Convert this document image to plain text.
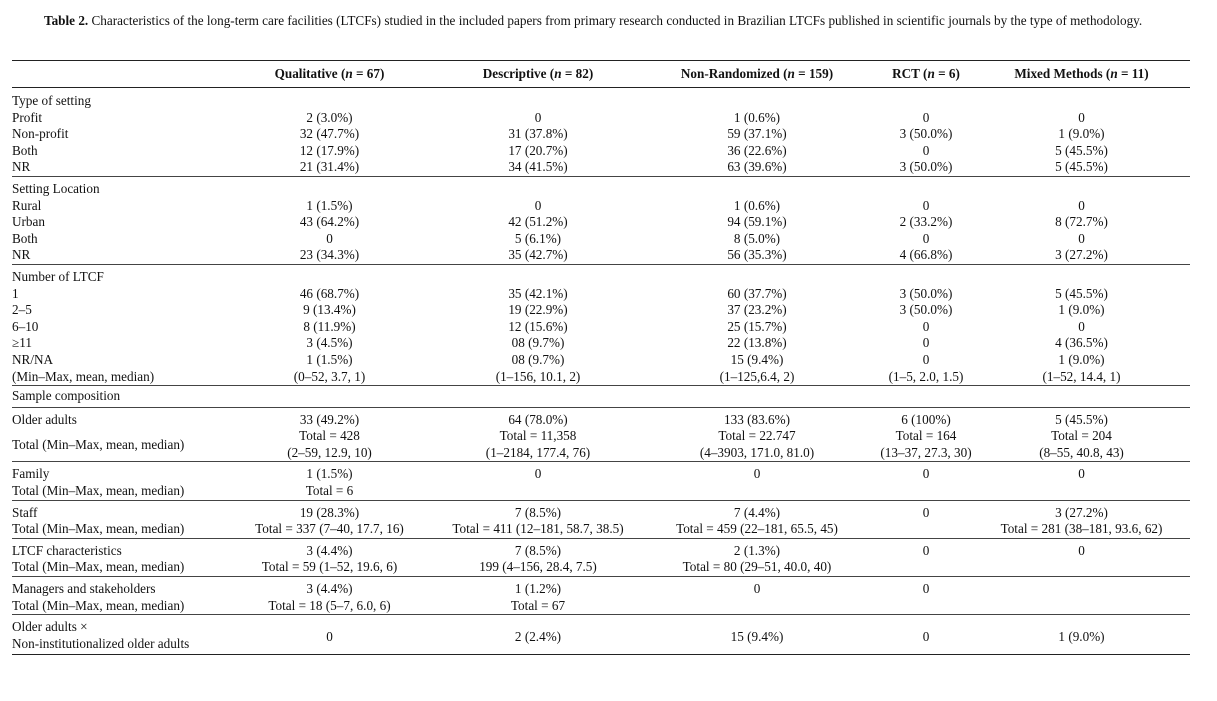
Table 2. Characteristics of the long-term care facilities (LTCFs) studied in the included papers from primary research conducted in Brazilian LTCFs published in scientific journals by the type of methodology.
	Qualitative (n = 67)	Descriptive (n = 82)	Non-Randomized (n = 159)	RCT (n = 6)	Mixed Methods (n = 11)
Type of setting					
Profit	2 (3.0%)	0	1 (0.6%)	0	0
Non-profit	32 (47.7%)	31 (37.8%)	59 (37.1%)	3 (50.0%)	1 (9.0%)
Both	12 (17.9%)	17 (20.7%)	36 (22.6%)	0	5 (45.5%)
NR	21 (31.4%)	34 (41.5%)	63 (39.6%)	3 (50.0%)	5 (45.5%)
Setting Location					
Rural	1 (1.5%)	0	1 (0.6%)	0	0
Urban	43 (64.2%)	42 (51.2%)	94 (59.1%)	2 (33.2%)	8 (72.7%)
Both	0	5 (6.1%)	8 (5.0%)	0	0
NR	23 (34.3%)	35 (42.7%)	56 (35.3%)	4 (66.8%)	3 (27.2%)
Number of LTCF					
1	46 (68.7%)	35 (42.1%)	60 (37.7%)	3 (50.0%)	5 (45.5%)
2–5	9 (13.4%)	19 (22.9%)	37 (23.2%)	3 (50.0%)	1 (9.0%)
6–10	8 (11.9%)	12 (15.6%)	25 (15.7%)	0	0
≥11	3 (4.5%)	08 (9.7%)	22 (13.8%)	0	4 (36.5%)
NR/NA	1 (1.5%)	08 (9.7%)	15 (9.4%)	0	1 (9.0%)
(Min–Max, mean, median)	(0–52, 3.7, 1)	(1–156, 10.1, 2)	(1–125,6.4, 2)	(1–5, 2.0, 1.5)	(1–52, 14.4, 1)
Sample composition					
Older adults	33 (49.2%)	64 (78.0%)	133 (83.6%)	6 (100%)	5 (45.5%)
Total (Min–Max, mean, median)	Total = 428	Total = 11,358	Total = 22.747	Total = 164	Total = 204
	(2–59, 12.9, 10)	(1–2184, 177.4, 76)	(4–3903, 171.0, 81.0)	(13–37, 27.3, 30)	(8–55, 40.8, 43)
Family	1 (1.5%)	0	0	0	0
Total (Min–Max, mean, median)	Total = 6				
Staff	19 (28.3%)	7 (8.5%)	7 (4.4%)	0	3 (27.2%)
Total (Min–Max, mean, median)	Total = 337 (7–40, 17.7, 16)	Total = 411 (12–181, 58.7, 38.5)	Total = 459 (22–181, 65.5, 45)		Total = 281 (38–181, 93.6, 62)
LTCF characteristics	3 (4.4%)	7 (8.5%)	2 (1.3%)	0	0
Total (Min–Max, mean, median)	Total = 59 (1–52, 19.6, 6)	199 (4–156, 28.4, 7.5)	Total = 80 (29–51, 40.0, 40)		
Managers and stakeholders	3 (4.4%)	1 (1.2%)	0	0	
Total (Min–Max, mean, median)	Total = 18 (5–7, 6.0, 6)	Total = 67			
Older adults ×	0	2 (2.4%)	15 (9.4%)	0	1 (9.0%)
Non-institutionalized older adults					
